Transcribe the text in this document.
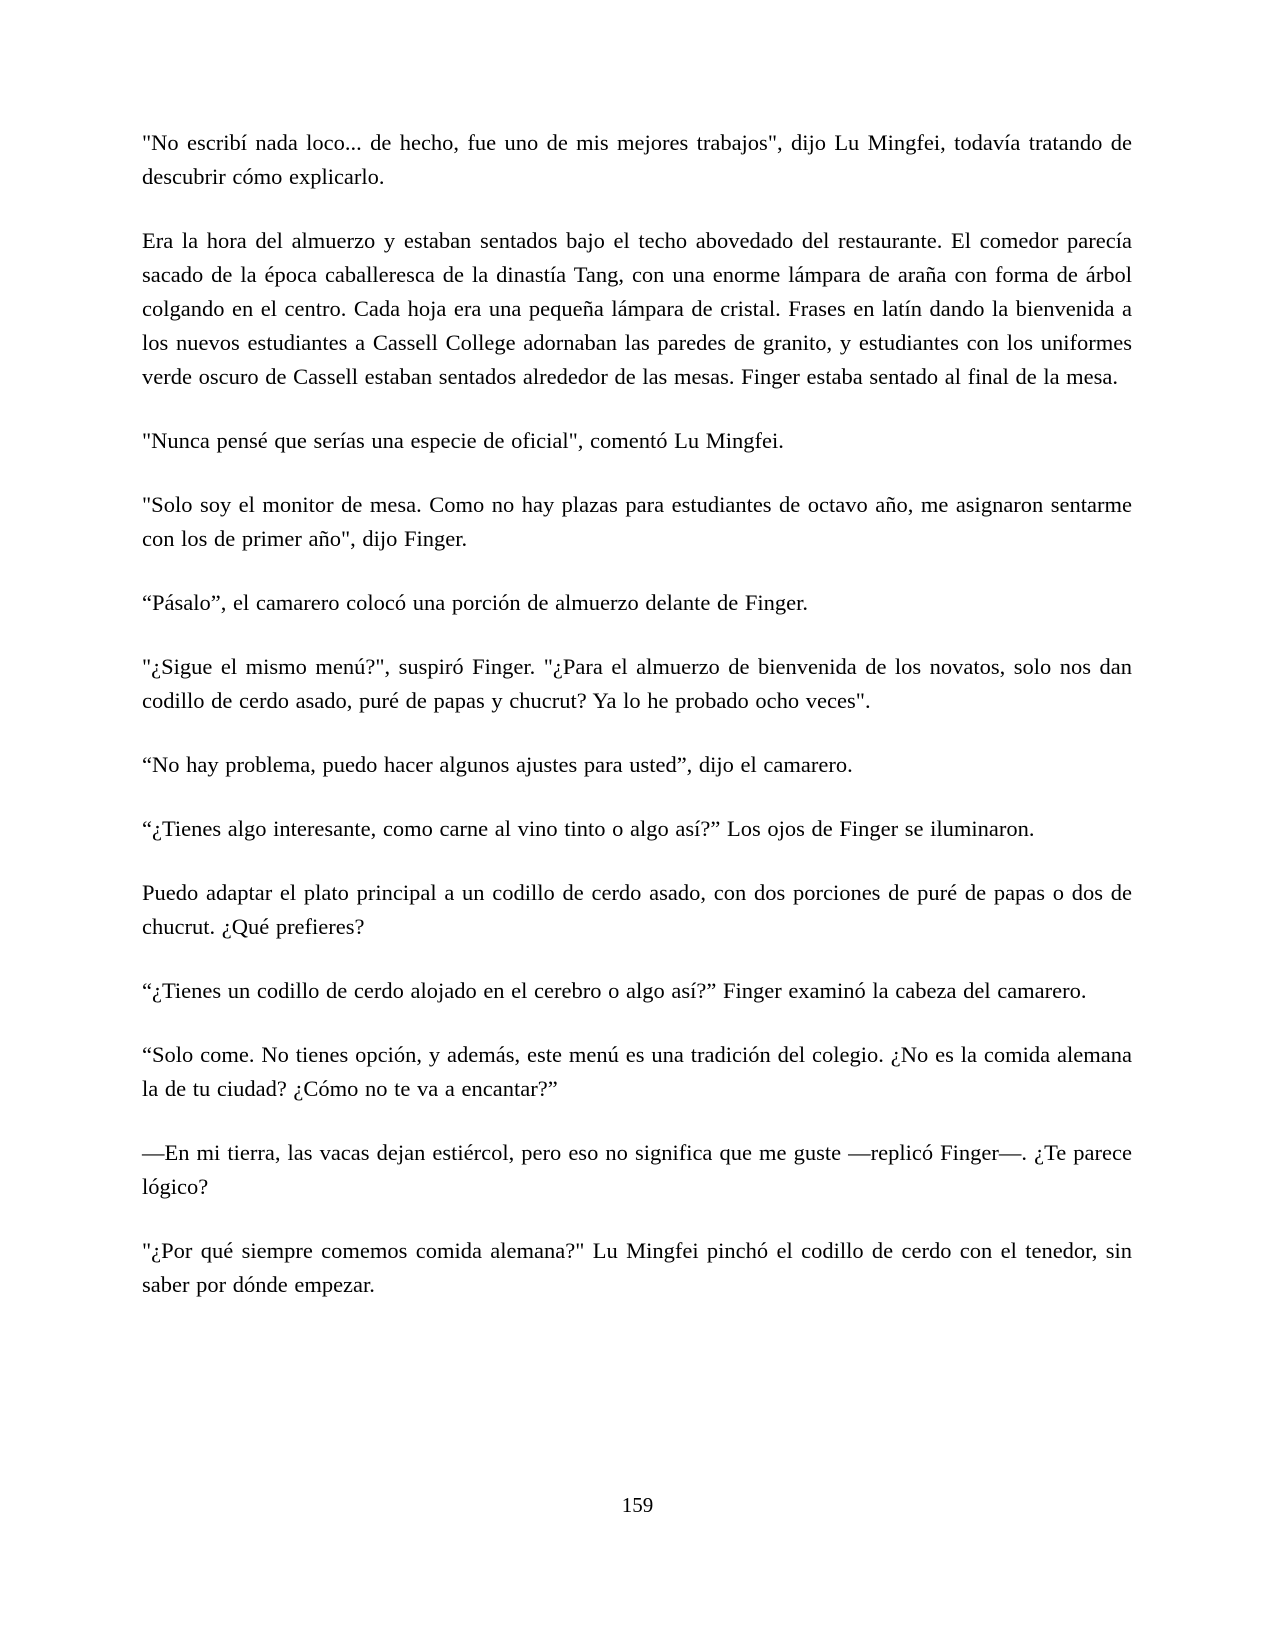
"No escribí nada loco... de hecho, fue uno de mis mejores trabajos", dijo Lu Mingfei, todavía tratando de descubrir cómo explicarlo.

Era la hora del almuerzo y estaban sentados bajo el techo abovedado del restaurante. El comedor parecía sacado de la época caballeresca de la dinastía Tang, con una enorme lámpara de araña con forma de árbol colgando en el centro. Cada hoja era una pequeña lámpara de cristal. Frases en latín dando la bienvenida a los nuevos estudiantes a Cassell College adornaban las paredes de granito, y estudiantes con los uniformes verde oscuro de Cassell estaban sentados alrededor de las mesas. Finger estaba sentado al final de la mesa.

"Nunca pensé que serías una especie de oficial", comentó Lu Mingfei.

"Solo soy el monitor de mesa. Como no hay plazas para estudiantes de octavo año, me asignaron sentarme con los de primer año", dijo Finger.

“Pásalo”, el camarero colocó una porción de almuerzo delante de Finger.

"¿Sigue el mismo menú?", suspiró Finger. "¿Para el almuerzo de bienvenida de los novatos, solo nos dan codillo de cerdo asado, puré de papas y chucrut? Ya lo he probado ocho veces".

“No hay problema, puedo hacer algunos ajustes para usted”, dijo el camarero.

“¿Tienes algo interesante, como carne al vino tinto o algo así?” Los ojos de Finger se iluminaron.

Puedo adaptar el plato principal a un codillo de cerdo asado, con dos porciones de puré de papas o dos de chucrut. ¿Qué prefieres?

“¿Tienes un codillo de cerdo alojado en el cerebro o algo así?” Finger examinó la cabeza del camarero.

“Solo come. No tienes opción, y además, este menú es una tradición del colegio. ¿No es la comida alemana la de tu ciudad? ¿Cómo no te va a encantar?”

—En mi tierra, las vacas dejan estiércol, pero eso no significa que me guste —replicó Finger—. ¿Te parece lógico?

"¿Por qué siempre comemos comida alemana?" Lu Mingfei pinchó el codillo de cerdo con el tenedor, sin saber por dónde empezar.

159
